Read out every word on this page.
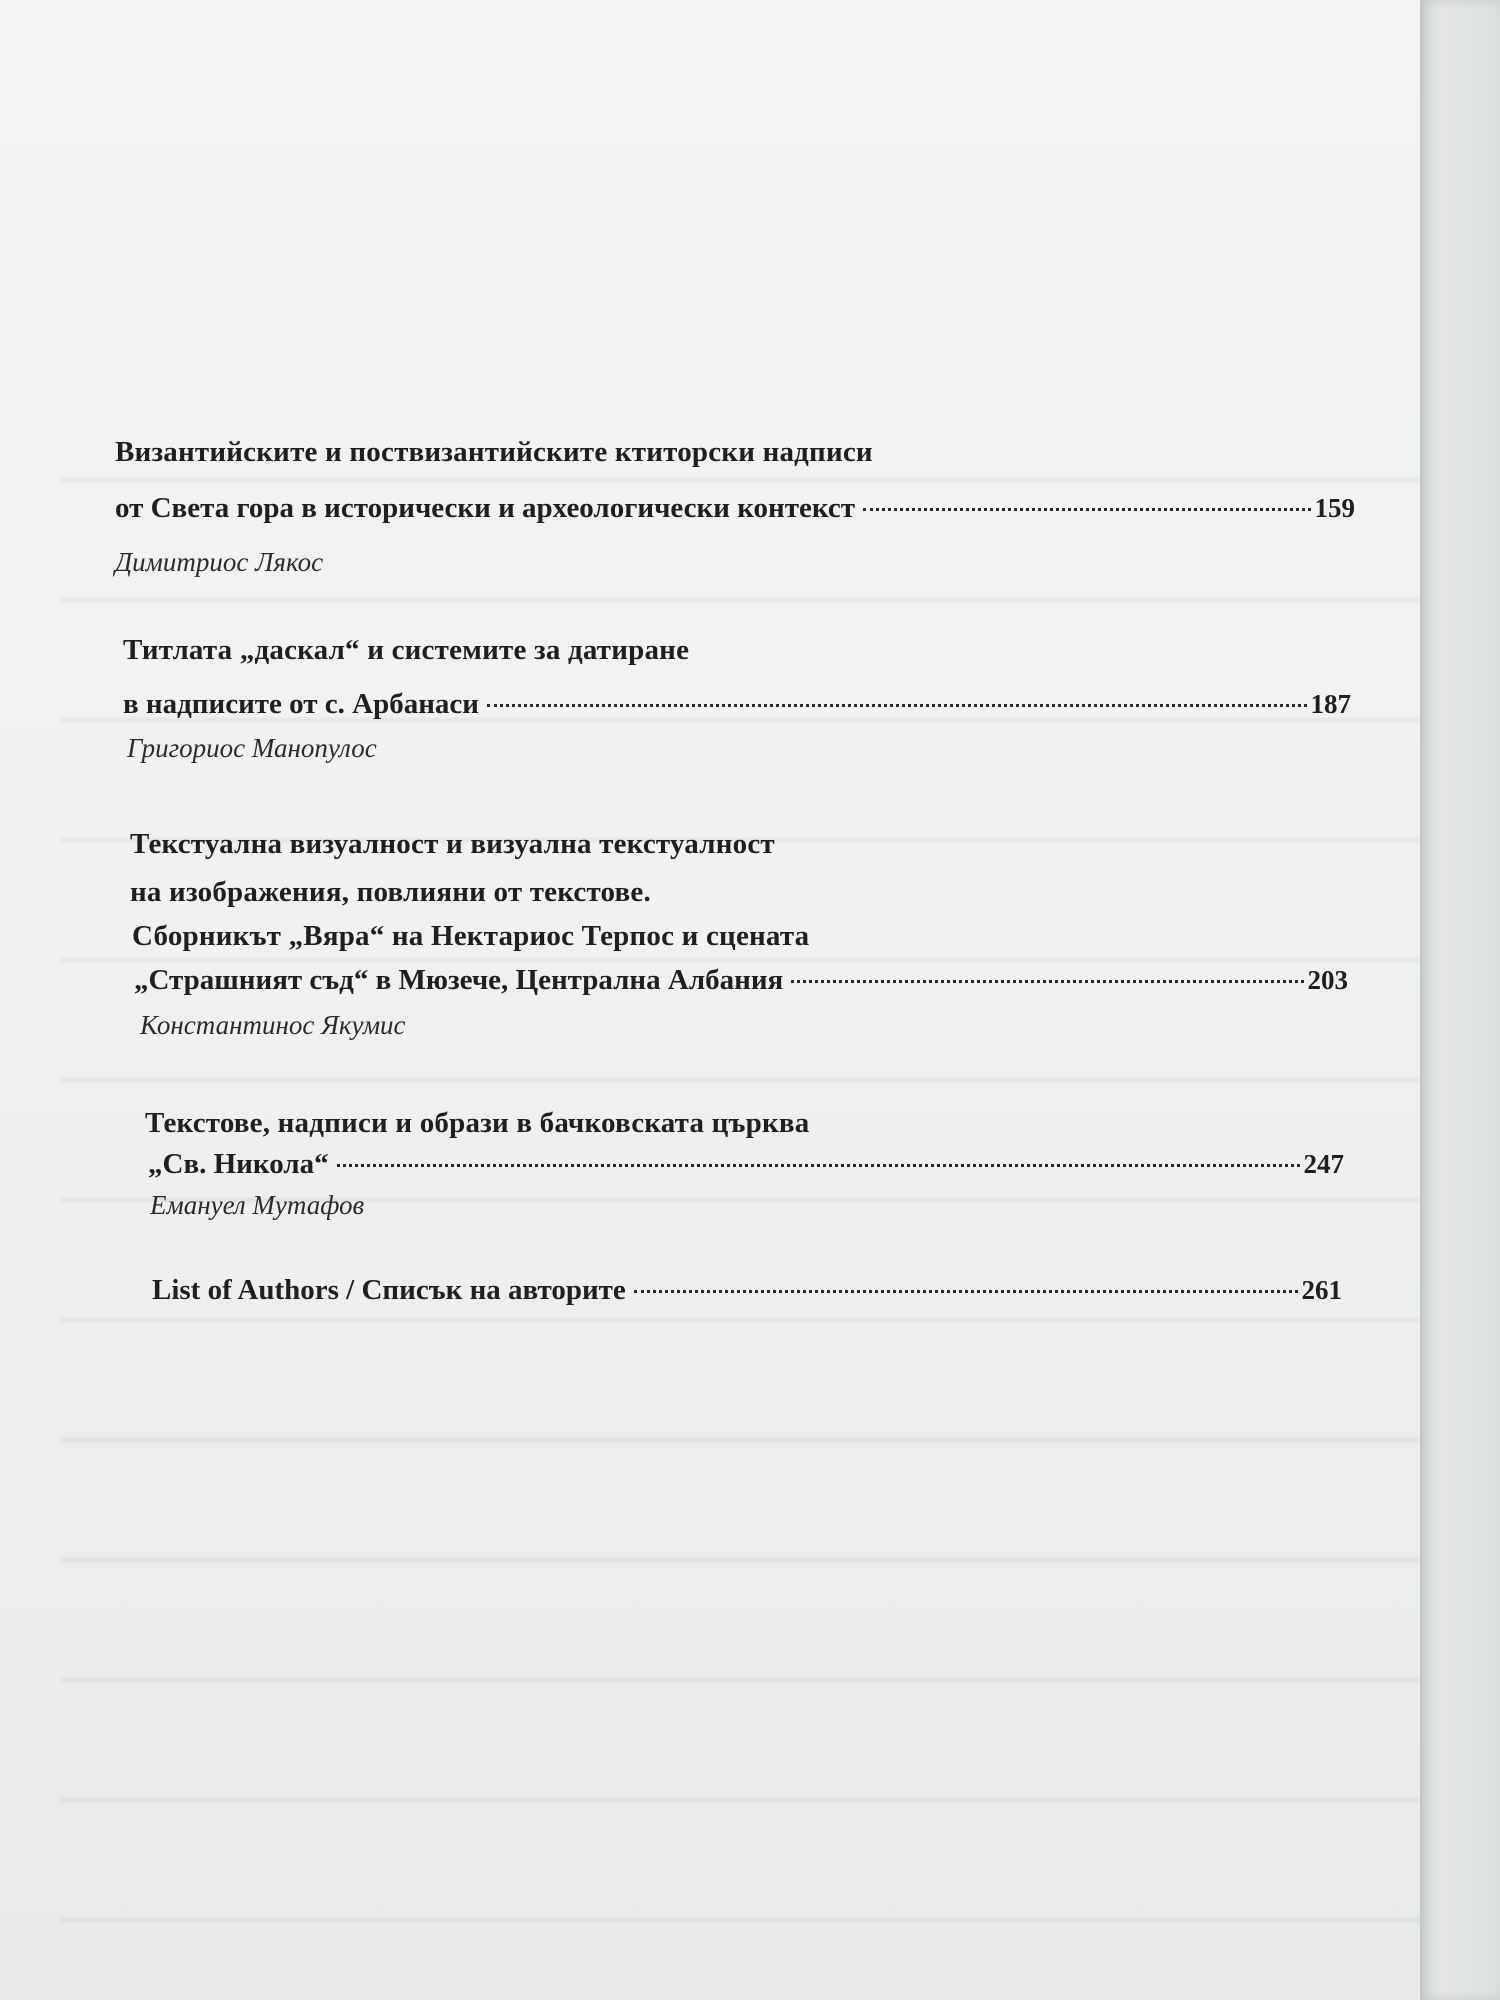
Византийските и поствизантийските ктиторски надписи
от Света гора в исторически и археологически контекст	159
Димитриос Лякос
Титлата „даскал“ и системите за датиране
в надписите от с. Арбанаси	187
Григориос Манопулос
Текстуална визуалност и визуална текстуалност
на изображения, повлияни от текстове.
Сборникът „Вяра“ на Нектариос Терпос и сцената
„Страшният съд“ в Мюзече, Централна Албания	203
Константинос Якумис
Текстове, надписи и образи в бачковската църква
„Св. Никола“	247
Емануел Мутафов
List of Authors / Списък на авторите	261
